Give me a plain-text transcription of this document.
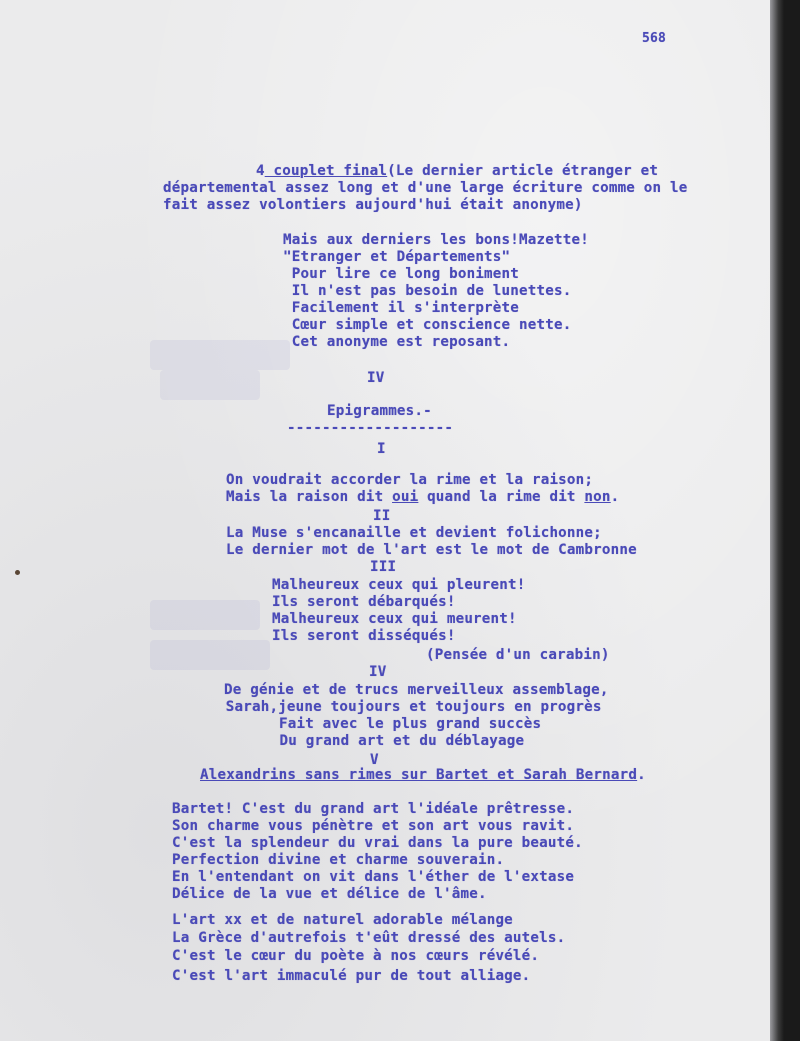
568

4 couplet final(Le dernier article étranger et

départemental assez long et d'une large écriture comme on le

fait assez volontiers aujourd'hui était anonyme)

Mais aux derniers les bons!Mazette!

"Etranger et Départements"

Pour lire ce long boniment

Il n'est pas besoin de lunettes.

Facilement il s'interprète

Cœur simple et conscience nette.

Cet anonyme est reposant.

IV

Epigrammes.-

-------------------

I

On voudrait accorder la rime et la raison;

Mais la raison dit oui quand la rime dit non.

II

La Muse s'encanaille et devient folichonne;

Le dernier mot de l'art est le mot de Cambronne

III

Malheureux ceux qui pleurent!

Ils seront débarqués!

Malheureux ceux qui meurent!

Ils seront disséqués!

(Pensée d'un carabin)

IV

De génie et de trucs merveilleux assemblage,

Sarah,jeune toujours et toujours en progrès

Fait avec le plus grand succès

Du grand art et du déblayage

V

Alexandrins sans rimes sur Bartet et Sarah Bernard.

Bartet! C'est du grand art l'idéale prêtresse.

Son charme vous pénètre et son art vous ravit.

C'est la splendeur du vrai dans la pure beauté.

Perfection divine et charme souverain.

En l'entendant on vit dans l'éther de l'extase

Délice de la vue et délice de l'âme.

L'art xx et de naturel adorable mélange

La Grèce d'autrefois t'eût dressé des autels.

C'est le cœur du poète à nos cœurs révélé.

C'est l'art immaculé pur de tout alliage.
